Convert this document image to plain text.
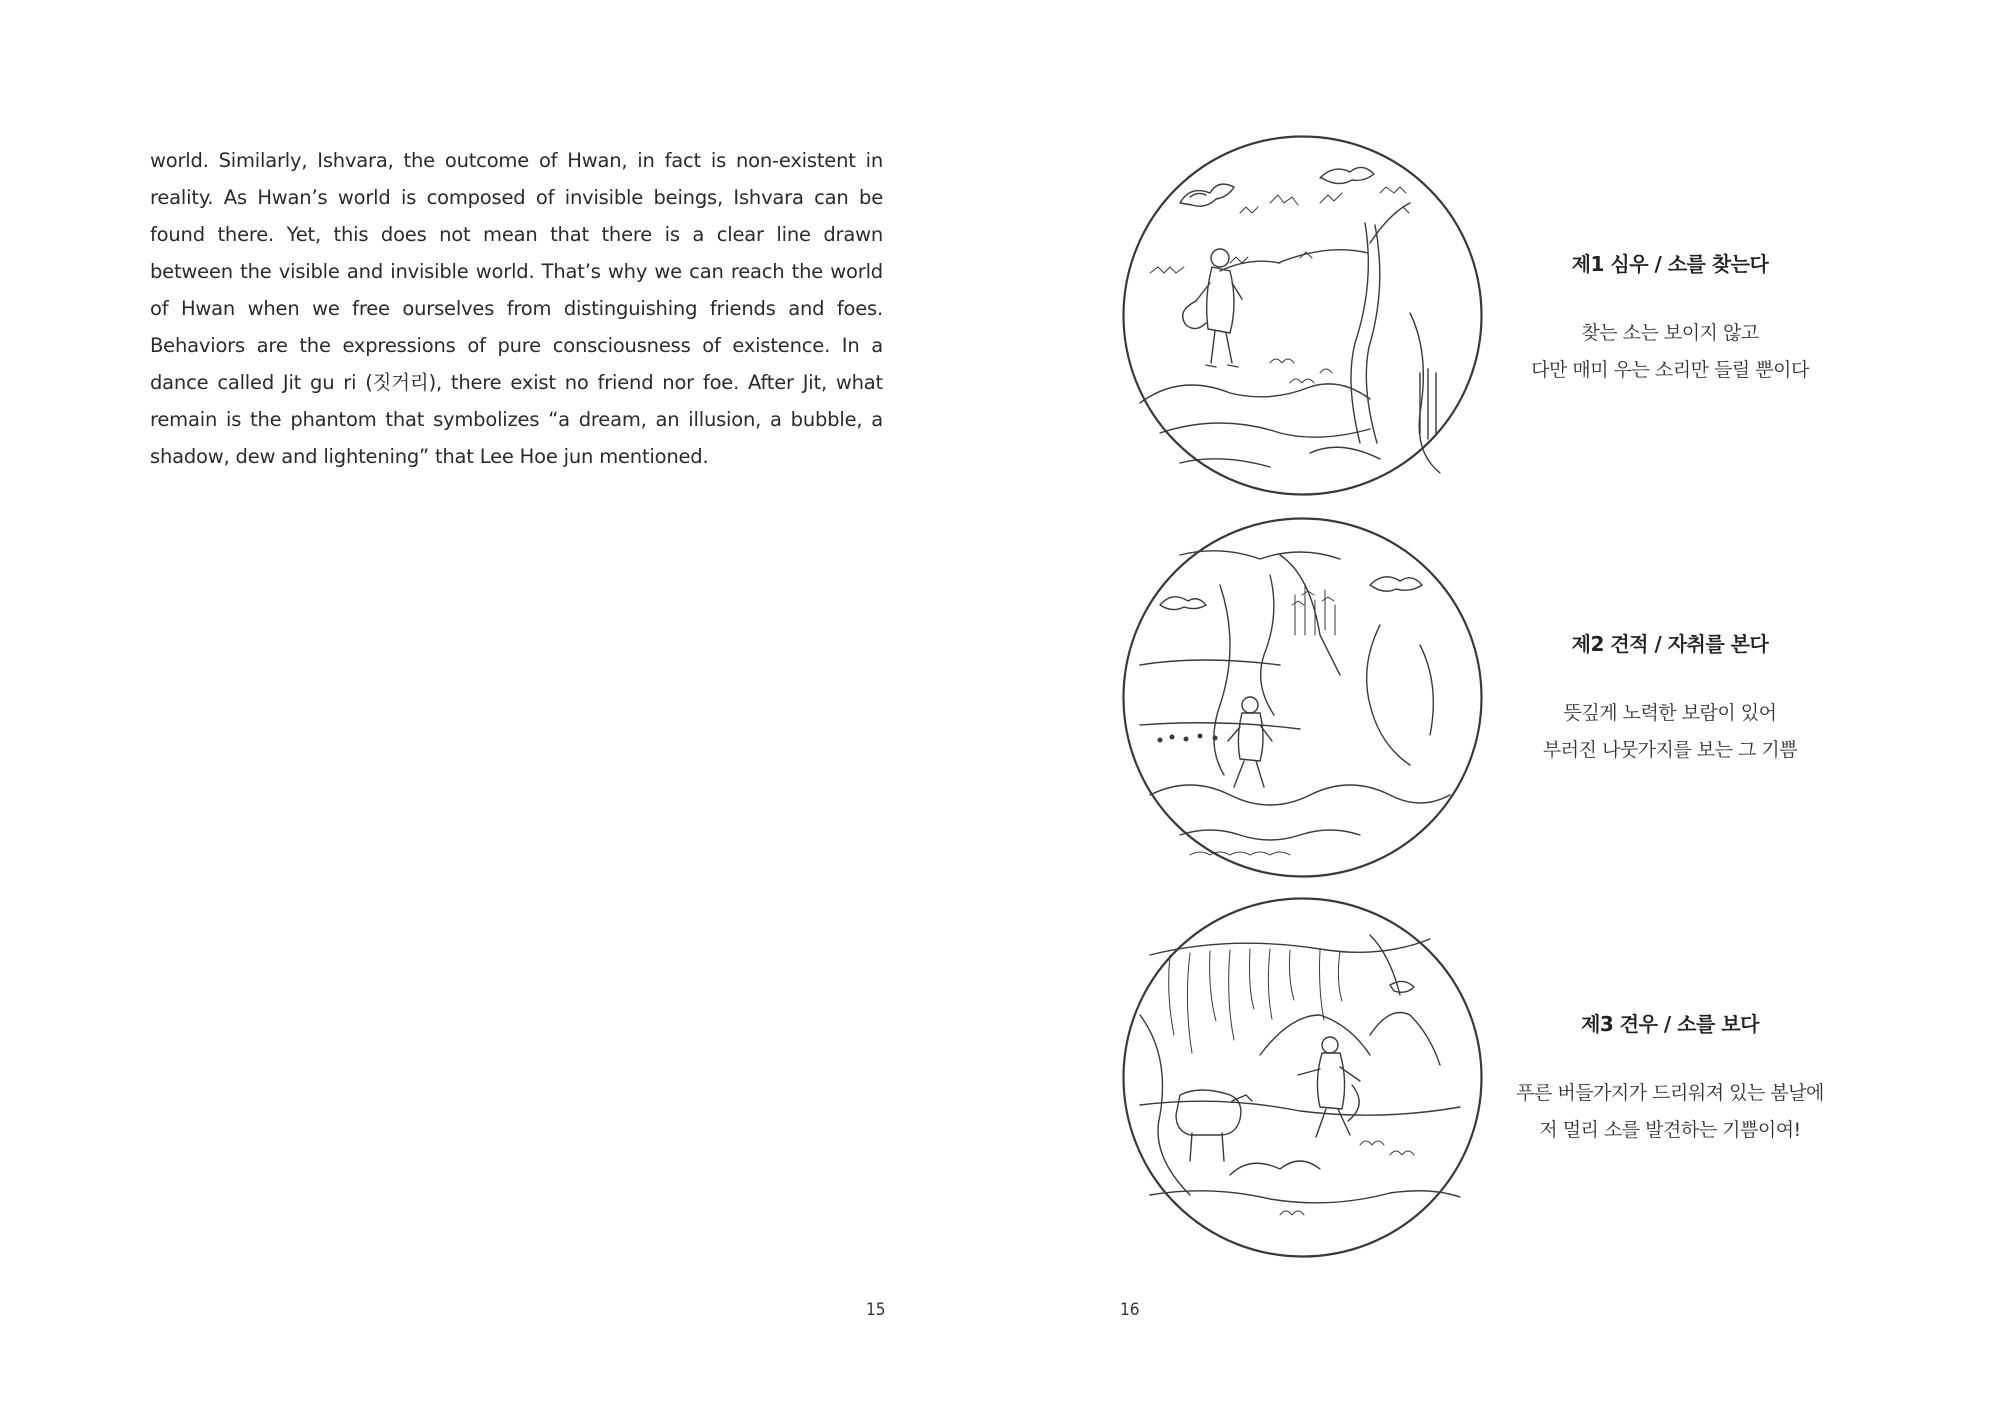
world. Similarly, Ishvara, the outcome of Hwan, in fact is non-existent in reality. As Hwan’s world is composed of invisible beings, Ishvara can be found there. Yet, this does not mean that there is a clear line drawn between the visible and invisible world. That’s why we can reach the world of Hwan when we free ourselves from distinguishing friends and foes. Behaviors are the expressions of pure consciousness of existence. In a dance called Jit gu ri (짓거리), there exist no friend nor foe. After Jit, what remain is the phantom that symbolizes “a dream, an illusion, a bubble, a shadow, dew and lightening” that Lee Hoe jun mentioned.

15
제1 심우 / 소를 찾는다
찾는 소는 보이지 않고
다만 매미 우는 소리만 들릴 뿐이다
제2 견적 / 자취를 본다
뜻깊게 노력한 보람이 있어
부러진 나뭇가지를 보는 그 기쁨
제3 견우 / 소를 보다
푸른 버들가지가 드리워져 있는 봄날에
저 멀리 소를 발견하는 기쁨이여!
16
